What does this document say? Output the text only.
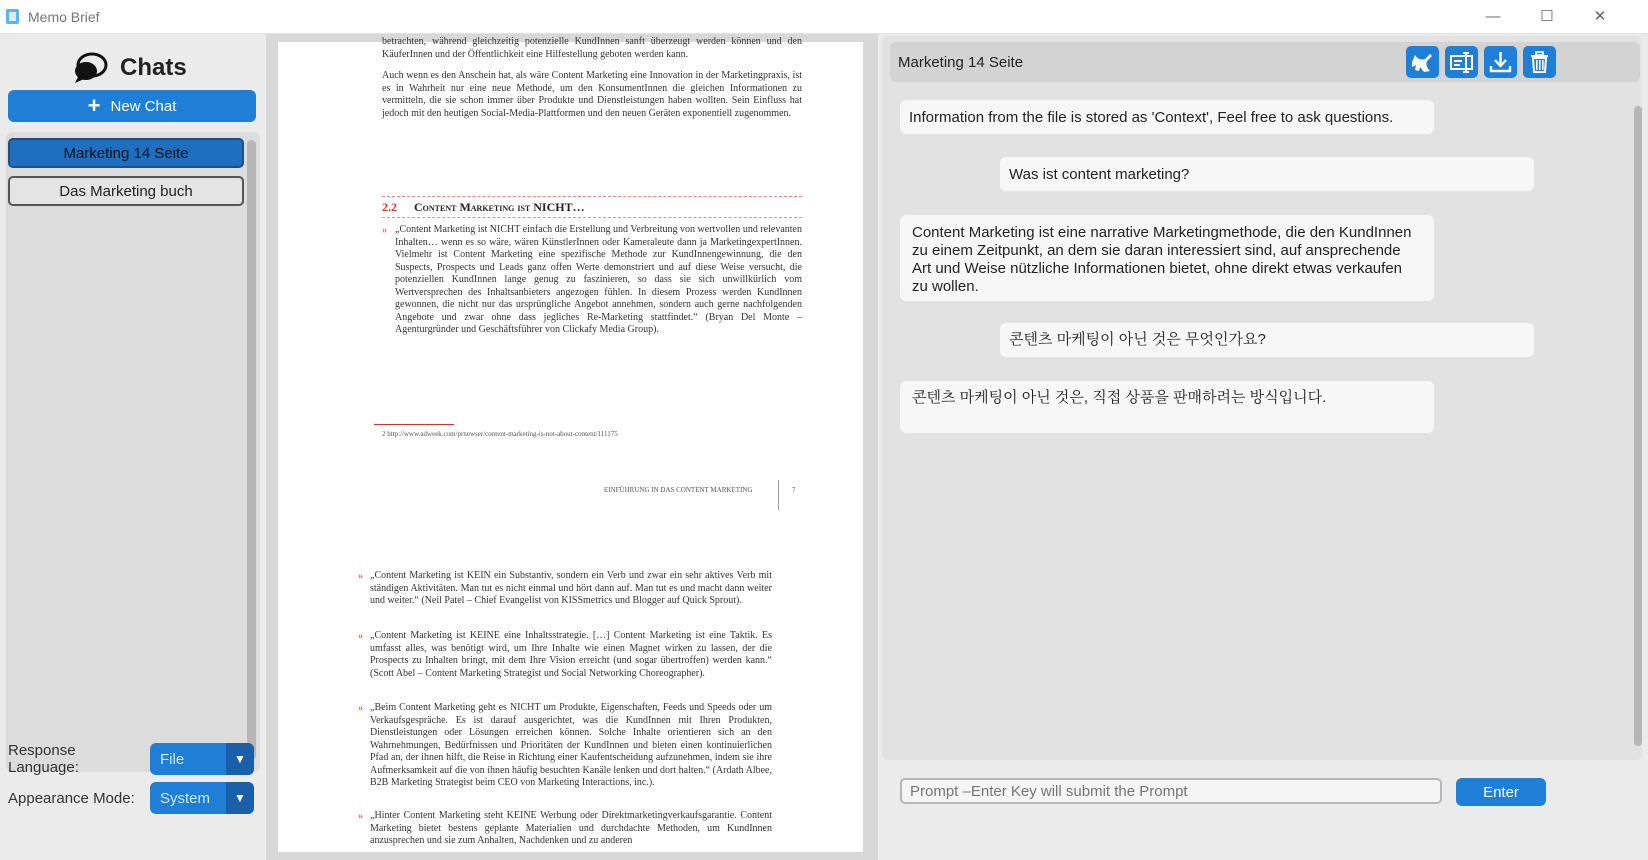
Memo Brief	—	☐	✕
Chats
+ New Chat
Marketing 14 Seite
Das Marketing buch
Response Language:	File	▼
Appearance Mode:	System	▼
betrachten, während gleichzeitig potenzielle KundInnen sanft überzeugt werden können und den KäuferInnen und der Öffentlichkeit eine Hilfestellung geboten werden kann.
Auch wenn es den Anschein hat, als wäre Content Marketing eine Innovation in der Marketingpraxis, ist es in Wahrheit nur eine neue Methode, um den KonsumentInnen die gleichen Informationen zu vermitteln, die sie schon immer über Produkte und Dienstleistungen haben wollten. Sein Einfluss hat jedoch mit den heutigen Social-Media-Plattformen und den neuen Geräten exponentiell zugenommen.
2.2 Content Marketing ist NICHT…
» „Content Marketing ist NICHT einfach die Erstellung und Verbreitung von wertvollen und relevanten Inhalten… wenn es so wäre, wären KünstlerInnen oder Kameraleute dann ja MarketingexpertInnen. Vielmehr ist Content Marketing eine spezifische Methode zur KundInnengewinnung, die den Suspects, Prospects und Leads ganz offen Werte demonstriert und auf diese Weise versucht, die potenziellen KundInnen lange genug zu faszinieren, so dass sie sich unwillkürlich vom Wertversprechen des Inhaltsanbieters angezogen fühlen. In diesem Prozess werden KundInnen gewonnen, die nicht nur das ursprüngliche Angebot annehmen, sondern auch gerne nachfolgenden Angebote und zwar ohne dass jegliches Re-Marketing stattfindet.“ (Bryan Del Monte – Agenturgründer und Geschäftsführer von Clickafy Media Group).
2 http://www.adweek.com/prnewser/content-marketing-is-not-about-content/111175
EINFÜHRUNG IN DAS CONTENT MARKETING	7
» „Content Marketing ist KEIN ein Substantiv, sondern ein Verb und zwar ein sehr aktives Verb mit ständigen Aktivitäten. Man tut es nicht einmal und hört dann auf. Man tut es und macht dann weiter und weiter.“ (Neil Patel – Chief Evangelist von KISSmetrics und Blogger auf Quick Sprout).
» „Content Marketing ist KEINE eine Inhaltsstrategie. […] Content Marketing ist eine Taktik. Es umfasst alles, was benötigt wird, um Ihre Inhalte wie einen Magnet wirken zu lassen, der die Prospects zu Inhalten bringt, mit dem Ihre Vision erreicht (und sogar übertroffen) werden kann.“ (Scott Abel – Content Marketing Strategist und Social Networking Choreographer).
» „Beim Content Marketing geht es NICHT um Produkte, Eigenschaften, Feeds und Speeds oder um Verkaufsgespräche. Es ist darauf ausgerichtet, was die KundInnen mit Ihren Produkten, Dienstleistungen oder Lösungen erreichen können. Solche Inhalte orientieren sich an den Wahrnehmungen, Bedürfnissen und Prioritäten der KundInnen und bieten einen kontinuierlichen Pfad an, der ihnen hilft, die Reise in Richtung einer Kaufentscheidung aufzunehmen, indem sie ihre Aufmerksamkeit auf die von ihnen häufig besuchten Kanäle lenken und dort halten.“ (Ardath Albee, B2B Marketing Strategist beim CEO von Marketing Interactions, inc.).
» „Hinter Content Marketing steht KEINE Werbung oder Direktmarketingverkaufsgarantie. Content Marketing bietet bestens geplante Materialien und durchdachte Methoden, um KundInnen anzusprechen und sie zum Anhalten, Nachdenken und zu anderen
Marketing 14 Seite
Information from the file is stored as 'Context', Feel free to ask questions.
Was ist content marketing?
Content Marketing ist eine narrative Marketingmethode, die den KundInnen zu einem Zeitpunkt, an dem sie daran interessiert sind, auf ansprechende Art und Weise nützliche Informationen bietet, ohne direkt etwas verkaufen zu wollen.
콘텐츠 마케팅이 아닌 것은 무엇인가요?
콘텐츠 마케팅이 아닌 것은, 직접 상품을 판매하려는 방식입니다.
Prompt –Enter Key will submit the Prompt
Enter
